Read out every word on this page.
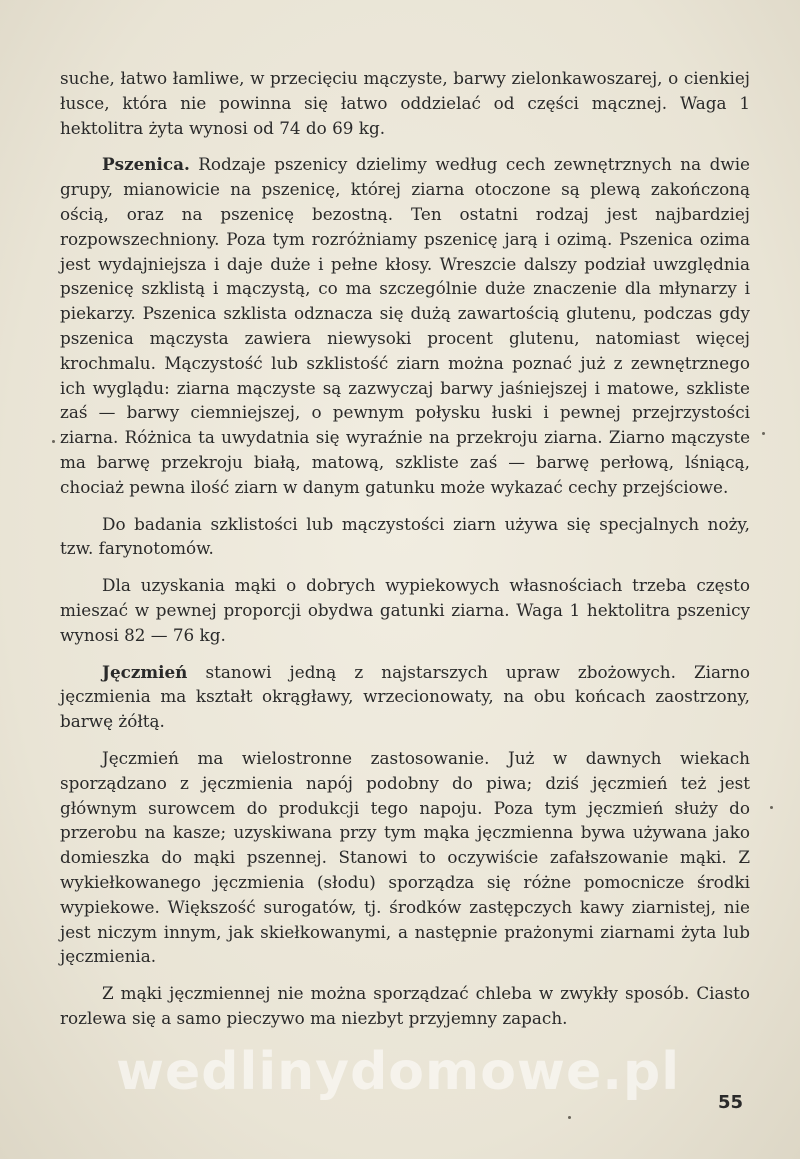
suche, łatwo łamliwe, w przecięciu mączyste, barwy zielonkawoszarej, o cienkiej łusce, która nie powinna się łatwo oddzielać od części mącznej. Waga 1 hektolitra żyta wynosi od 74 do 69 kg.

Pszenica. Rodzaje pszenicy dzielimy według cech zewnętrznych na dwie grupy, mianowicie na pszenicę, której ziarna otoczone są plewą zakończoną ością, oraz na pszenicę bezostną. Ten ostatni rodzaj jest najbardziej rozpowszechniony. Poza tym rozróżniamy pszenicę jarą i ozimą. Pszenica ozima jest wydajniejsza i daje duże i pełne kłosy. Wreszcie dalszy podział uwzględnia pszenicę szklistą i mączystą, co ma szczególnie duże znaczenie dla młynarzy i piekarzy. Pszenica szklista odznacza się dużą zawartością glutenu, podczas gdy pszenica mączysta zawiera niewysoki procent glutenu, natomiast więcej krochmalu. Mączystość lub szklistość ziarn można poznać już z zewnętrznego ich wyglądu: ziarna mączyste są zazwyczaj barwy jaśniejszej i matowe, szkliste zaś — barwy ciemniejszej, o pewnym połysku łuski i pewnej przejrzystości ziarna. Różnica ta uwydatnia się wyraźnie na przekroju ziarna. Ziarno mączyste ma barwę przekroju białą, matową, szkliste zaś — barwę perłową, lśniącą, chociaż pewna ilość ziarn w danym gatunku może wykazać cechy przejściowe.

Do badania szklistości lub mączystości ziarn używa się specjalnych noży, tzw. farynotomów.

Dla uzyskania mąki o dobrych wypiekowych własnościach trzeba często mieszać w pewnej proporcji obydwa gatunki ziarna. Waga 1 hektolitra pszenicy wynosi 82 — 76 kg.

Jęczmień stanowi jedną z najstarszych upraw zbożowych. Ziarno jęczmienia ma kształt okrągławy, wrzecionowaty, na obu końcach zaostrzony, barwę żółtą.

Jęczmień ma wielostronne zastosowanie. Już w dawnych wiekach sporządzano z jęczmienia napój podobny do piwa; dziś jęczmień też jest głównym surowcem do produkcji tego napoju. Poza tym jęczmień służy do przerobu na kasze; uzyskiwana przy tym mąka jęczmienna bywa używana jako domieszka do mąki pszennej. Stanowi to oczywiście zafałszowanie mąki. Z wykiełkowanego jęczmienia (słodu) sporządza się różne pomocnicze środki wypiekowe. Większość surogatów, tj. środków zastępczych kawy ziarnistej, nie jest niczym innym, jak skiełkowanymi, a następnie prażonymi ziarnami żyta lub jęczmienia.

Z mąki jęczmiennej nie można sporządzać chleba w zwykły sposób. Ciasto rozlewa się a samo pieczywo ma niezbyt przyjemny zapach.

wedlinydomowe.pl
55
